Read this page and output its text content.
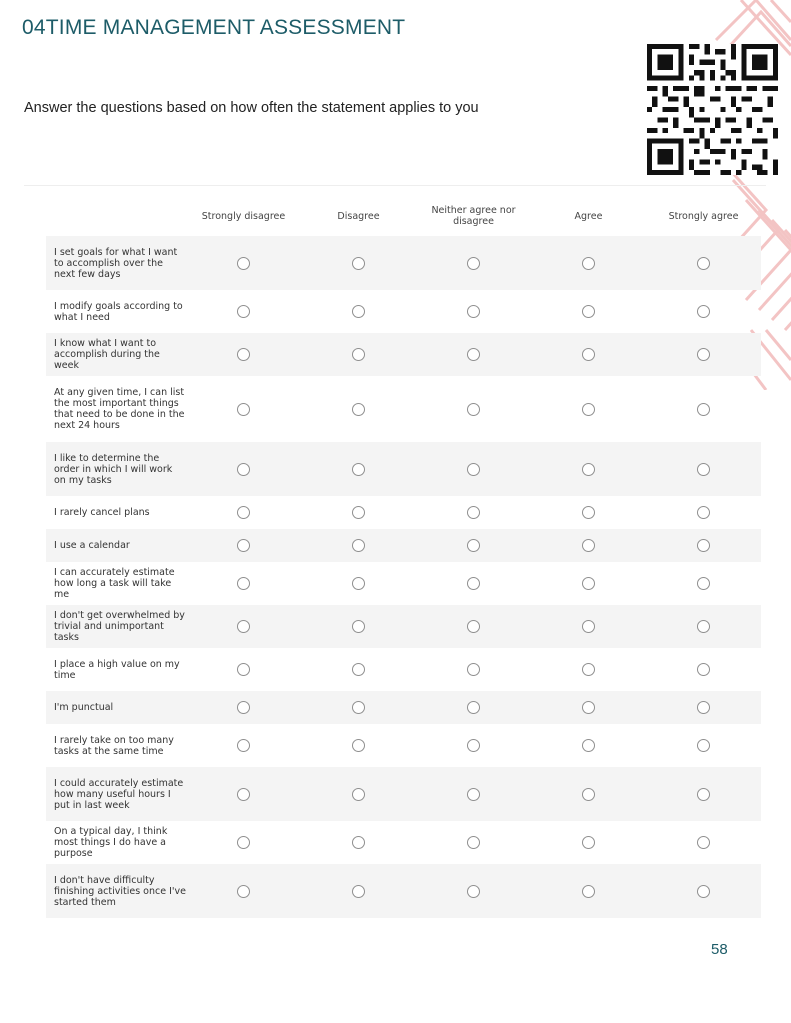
04TIME MANAGEMENT ASSESSMENT
Answer the questions based on how often the statement applies to you
Strongly disagree	Disagree	Neither agree nor disagree	Agree	Strongly agree
I set goals for what I want to accomplish over the next few days
I modify goals according to what I need
I know what I want to accomplish during the week
At any given time, I can list the most important things that need to be done in the next 24 hours
I like to determine the order in which I will work on my tasks
I rarely cancel plans
I use a calendar
I can accurately estimate how long a task will take me
I don't get overwhelmed by trivial and unimportant tasks
I place a high value on my time
I'm punctual
I rarely take on too many tasks at the same time
I could accurately estimate how many useful hours I put in last week
On a typical day, I think most things I do have a purpose
I don't have difficulty finishing activities once I've started them
58
